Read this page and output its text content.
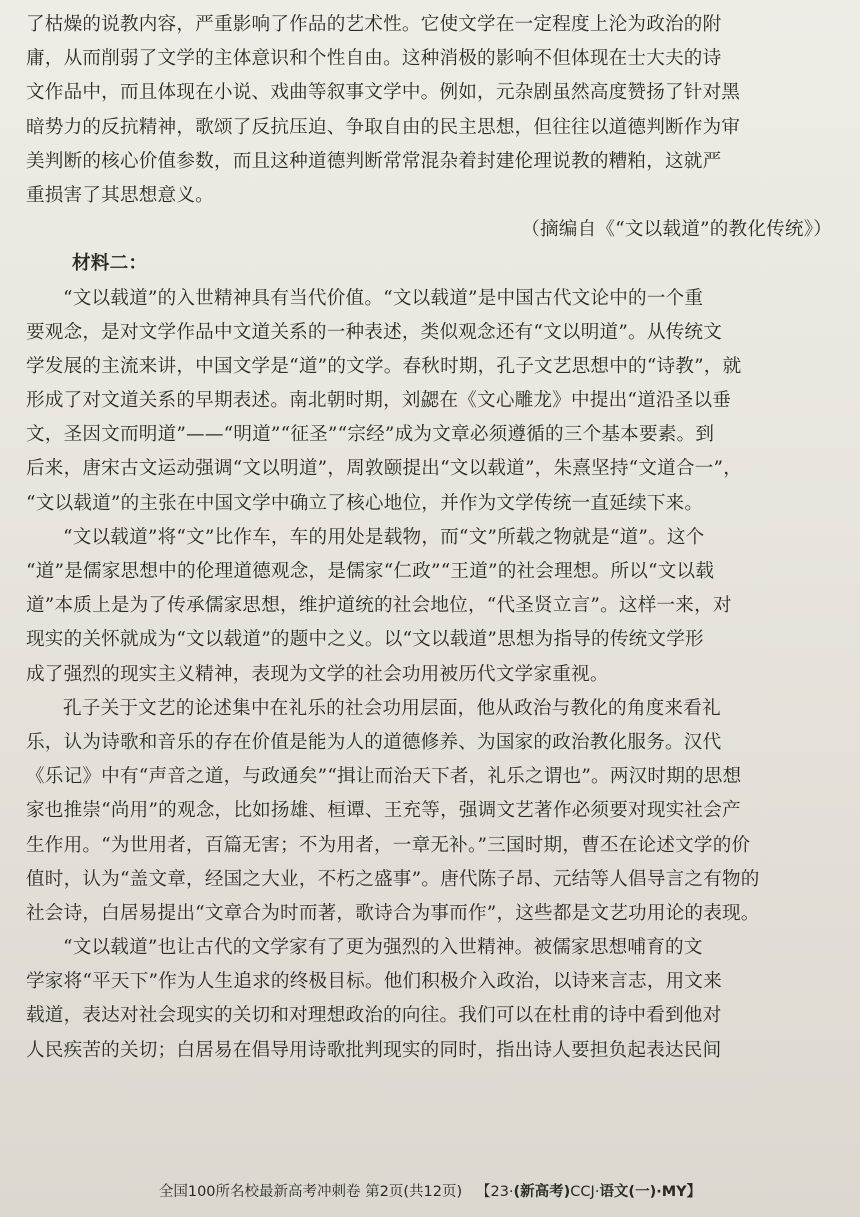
了枯燥的说教内容，严重影响了作品的艺术性。它使文学在一定程度上沦为政治的附
庸，从而削弱了文学的主体意识和个性自由。这种消极的影响不但体现在士大夫的诗
文作品中，而且体现在小说、戏曲等叙事文学中。例如，元杂剧虽然高度赞扬了针对黑
暗势力的反抗精神，歌颂了反抗压迫、争取自由的民主思想，但往往以道德判断作为审
美判断的核心价值参数，而且这种道德判断常常混杂着封建伦理说教的糟粕，这就严
重损害了其思想意义。
（摘编自《“文以载道”的教化传统》）
材料二：
“文以载道”的入世精神具有当代价值。“文以载道”是中国古代文论中的一个重
要观念，是对文学作品中文道关系的一种表述，类似观念还有“文以明道”。从传统文
学发展的主流来讲，中国文学是“道”的文学。春秋时期，孔子文艺思想中的“诗教”，就
形成了对文道关系的早期表述。南北朝时期，刘勰在《文心雕龙》中提出“道沿圣以垂
文，圣因文而明道”——“明道”“征圣”“宗经”成为文章必须遵循的三个基本要素。到
后来，唐宋古文运动强调“文以明道”，周敦颐提出“文以载道”，朱熹坚持“文道合一”，
“文以载道”的主张在中国文学中确立了核心地位，并作为文学传统一直延续下来。
“文以载道”将“文”比作车，车的用处是载物，而“文”所载之物就是“道”。这个
“道”是儒家思想中的伦理道德观念，是儒家“仁政”“王道”的社会理想。所以“文以载
道”本质上是为了传承儒家思想，维护道统的社会地位，“代圣贤立言”。这样一来，对
现实的关怀就成为“文以载道”的题中之义。以“文以载道”思想为指导的传统文学形
成了强烈的现实主义精神，表现为文学的社会功用被历代文学家重视。
孔子关于文艺的论述集中在礼乐的社会功用层面，他从政治与教化的角度来看礼
乐，认为诗歌和音乐的存在价值是能为人的道德修养、为国家的政治教化服务。汉代
《乐记》中有“声音之道，与政通矣”“揖让而治天下者，礼乐之谓也”。两汉时期的思想
家也推崇“尚用”的观念，比如扬雄、桓谭、王充等，强调文艺著作必须要对现实社会产
生作用。“为世用者，百篇无害；不为用者，一章无补。”三国时期，曹丕在论述文学的价
值时，认为“盖文章，经国之大业，不朽之盛事”。唐代陈子昂、元结等人倡导言之有物的
社会诗，白居易提出“文章合为时而著，歌诗合为事而作”，这些都是文艺功用论的表现。
“文以载道”也让古代的文学家有了更为强烈的入世精神。被儒家思想哺育的文
学家将“平天下”作为人生追求的终极目标。他们积极介入政治，以诗来言志，用文来
载道，表达对社会现实的关切和对理想政治的向往。我们可以在杜甫的诗中看到他对
人民疾苦的关切；白居易在倡导用诗歌批判现实的同时，指出诗人要担负起表达民间
全国100所名校最新高考冲刺卷 第2页(共12页) 【23·(新高考)CCJ·语文(一)·MY】
